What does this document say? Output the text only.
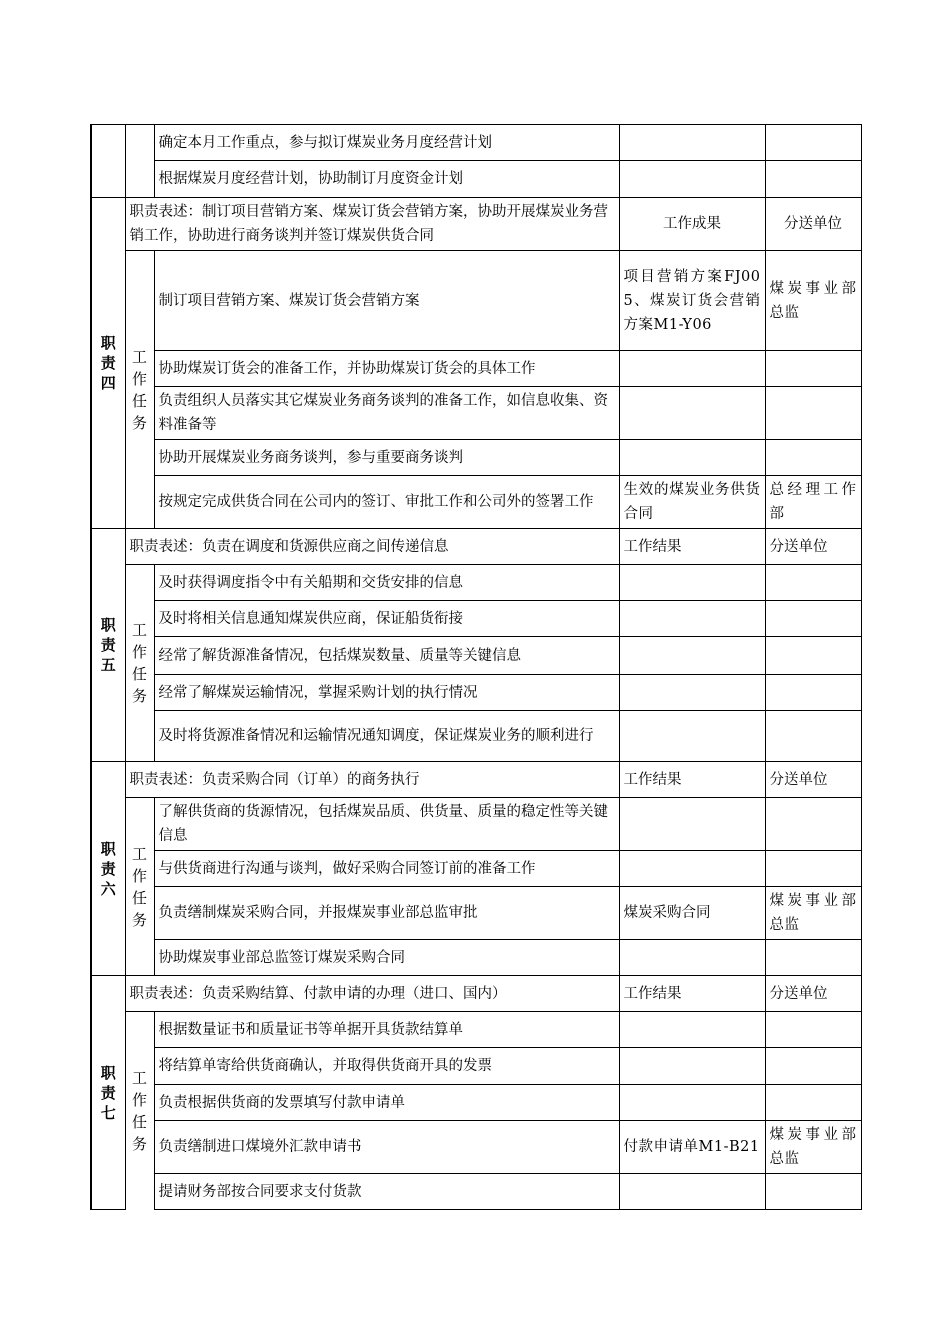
		确定本月工作重点，参与拟订煤炭业务月度经营计划		
		根据煤炭月度经营计划，协助制订月度资金计划		

职
责
四	职责表述：制订项目营销方案、煤炭订货会营销方案，协助开展煤炭业务营销工作，协助进行商务谈判并签订煤炭供货合同		工作成果	分送单位

	工
作
任
务	制订项目营销方案、煤炭订货会营销方案	项目营销方案FJ005、煤炭订货会营销方案M1-Y06	煤炭事业部总监
		协助煤炭订货会的准备工作，并协助煤炭订货会的具体工作		
		负责组织人员落实其它煤炭业务商务谈判的准备工作，如信息收集、资料准备等		
		协助开展煤炭业务商务谈判，参与重要商务谈判		
		按规定完成供货合同在公司内的签订、审批工作和公司外的签署工作	生效的煤炭业务供货合同	总经理工作部

职
责
五	职责表述：负责在调度和货源供应商之间传递信息		工作结果	分送单位

	工
作
任
务	及时获得调度指令中有关船期和交货安排的信息		
		及时将相关信息通知煤炭供应商，保证船货衔接		
		经常了解货源准备情况，包括煤炭数量、质量等关键信息		
		经常了解煤炭运输情况，掌握采购计划的执行情况		
		及时将货源准备情况和运输情况通知调度，保证煤炭业务的顺利进行		

职
责
六	职责表述：负责采购合同（订单）的商务执行		工作结果	分送单位

	工
作
任
务	了解供货商的货源情况，包括煤炭品质、供货量、质量的稳定性等关键信息		
		与供货商进行沟通与谈判，做好采购合同签订前的准备工作		
		负责缮制煤炭采购合同，并报煤炭事业部总监审批	煤炭采购合同	煤炭事业部总监
		协助煤炭事业部总监签订煤炭采购合同		

职
责
七	职责表述：负责采购结算、付款申请的办理（进口、国内）		工作结果	分送单位

	工
作
任
务	根据数量证书和质量证书等单据开具货款结算单		
		将结算单寄给供货商确认，并取得供货商开具的发票		
		负责根据供货商的发票填写付款申请单		
		负责缮制进口煤境外汇款申请书	付款申请单M1-B21	煤炭事业部总监
		提请财务部按合同要求支付货款		
